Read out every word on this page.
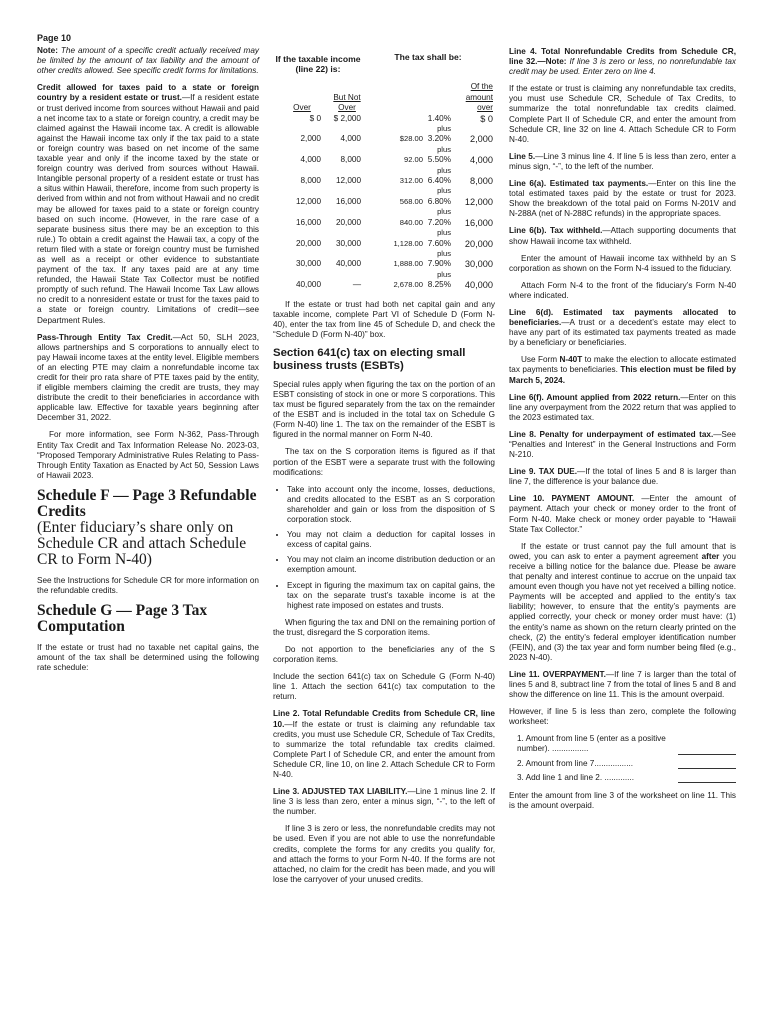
Page 10

Note: The amount of a specific credit actually received may be limited by the amount of tax liability and the amount of other credits allowed. See specific credit forms for limitations.

Credit allowed for taxes paid to a state or foreign country by a resident estate or trust.—If a resident estate or trust derived income from sources without Hawaii and paid a net income tax to a state or foreign country, a credit may be claimed against the Hawaii income tax. A credit is allowable against the Hawaii income tax only if the tax paid to a state or foreign country was based on net income of the same taxable year and only if the income taxed by the state or foreign country was derived from sources without Hawaii. Intangible personal property of a resident estate or trust has a situs within Hawaii, therefore, income from such property is derived from within and not from without Hawaii and no credit may be allowed for taxes paid to a state or foreign country based on such income. (However, in the rare case of a separate business situs there may be an exception to this rule.) To obtain a credit against the Hawaii tax, a copy of the return filed with a state or foreign country must be furnished as well as a receipt or other evidence to substantiate payment of the tax. If any taxes paid are at any time refunded, the Hawaii State Tax Collector must be notified promptly of such refund. The Hawaii Income Tax Law allows no credit to a nonresident estate or trust for the taxes paid to a state or foreign country. Limitations of credit—see Department Rules.

Pass-Through Entity Tax Credit.—Act 50, SLH 2023, allows partnerships and S corporations to annually elect to pay Hawaii income taxes at the entity level. Eligible members of an electing PTE may claim a nonrefundable income tax credit for their pro rata share of PTE taxes paid by the entity, if eligible members claiming the credit are trusts, they may distribute the credit to their beneficiaries in accordance with applicable law. Effective for taxable years beginning after December 31, 2022.

For more information, see Form N-362, Pass-Through Entity Tax Credit and Tax Information Release No. 2023-03, “Proposed Temporary Administrative Rules Relating to Pass-Through Entity Taxation as Enacted by Act 50, Session Laws of Hawaii 2023.

Schedule F — Page 3 Refundable Credits
(Enter fiduciary’s share only on Schedule CR and attach Schedule CR to Form N-40)

See the Instructions for Schedule CR for more information on the refundable credits.

Schedule G — Page 3 Tax Computation

If the estate or trust had no taxable net capital gains, the amount of the tax shall be determined using the following rate schedule:

If the taxable income (line 22) is:		The tax shall be:		
Over	But Not Over			Of the amount over
$ 0	$ 2,000		1.40%	$ 0
2,000	4,000	$28.00	plus 3.20%	2,000
4,000	8,000	92.00	plus 5.50%	4,000
8,000	12,000	312.00	plus 6.40%	8,000
12,000	16,000	568.00	plus 6.80%	12,000
16,000	20,000	840.00	plus 7.20%	16,000
20,000	30,000	1,128.00	plus 7.60%	20,000
30,000	40,000	1,888.00	plus 7.90%	30,000
40,000	—	2,678.00	plus 8.25%	40,000

If the estate or trust had both net capital gain and any taxable income, complete Part VI of Schedule D (Form N-40), enter the tax from line 45 of Schedule D, and check the “Schedule D (Form N-40)” box.

Section 641(c) tax on electing small business trusts (ESBTs)

Special rules apply when figuring the tax on the portion of an ESBT consisting of stock in one or more S corporations. This tax must be figured separately from the tax on the remainder of the ESBT and is included in the total tax on Schedule G (Form N-40) line 1. The tax on the remainder of the ESBT is figured in the normal manner on Form N-40.

The tax on the S corporation items is figured as if that portion of the ESBT were a separate trust with the following modifications:

• Take into account only the income, losses, deductions, and credits allocated to the ESBT as an S corporation shareholder and gain or loss from the disposition of S corporation stock.
• You may not claim a deduction for capital losses in excess of capital gains.
• You may not claim an income distribution deduction or an exemption amount.
• Except in figuring the maximum tax on capital gains, the tax on the separate trust’s taxable income is at the highest rate imposed on estates and trusts.

When figuring the tax and DNI on the remaining portion of the trust, disregard the S corporation items.

Do not apportion to the beneficiaries any of the S corporation items.

Include the section 641(c) tax on Schedule G (Form N-40) line 1. Attach the section 641(c) tax computation to the return.

Line 2. Total Refundable Credits from Schedule CR, line 10.—If the estate or trust is claiming any refundable tax credits, you must use Schedule CR, Schedule of Tax Credits, to summarize the total refundable tax credits claimed. Complete Part I of Schedule CR, and enter the amount from Schedule CR, line 10, on line 2. Attach Schedule CR to Form N-40.

Line 3. ADJUSTED TAX LIABILITY.—Line 1 minus line 2. If line 3 is less than zero, enter a minus sign, “-”, to the left of the number.

If line 3 is zero or less, the nonrefundable credits may not be used. Even if you are not able to use the nonrefundable credits, complete the forms for any credits you qualify for, and attach the forms to your Form N-40. If the forms are not attached, no claim for the credit has been made, and you will lose the carryover of your unused credits.

Line 4. Total Nonrefundable Credits from Schedule CR, line 32.—Note: If line 3 is zero or less, no nonrefundable tax credit may be used. Enter zero on line 4.

If the estate or trust is claiming any nonrefundable tax credits, you must use Schedule CR, Schedule of Tax Credits, to summarize the total nonrefundable tax credits claimed. Complete Part II of Schedule CR, and enter the amount from Schedule CR, line 32 on line 4. Attach Schedule CR to Form N-40.

Line 5.—Line 3 minus line 4. If line 5 is less than zero, enter a minus sign, “-”, to the left of the number.

Line 6(a). Estimated tax payments.—Enter on this line the total estimated taxes paid by the estate or trust for 2023. Show the breakdown of the total paid on Forms N-201V and N-288A (net of N-288C refunds) in the appropriate spaces.

Line 6(b). Tax withheld.—Attach supporting documents that show Hawaii income tax withheld.

Enter the amount of Hawaii income tax withheld by an S corporation as shown on the Form N-4 issued to the fiduciary.

Attach Form N-4 to the front of the fiduciary’s Form N-40 where indicated.

Line 6(d). Estimated tax payments allocated to beneficiaries.—A trust or a decedent’s estate may elect to have any part of its estimated tax payments treated as made by a beneficiary or beneficiaries.

Use Form N-40T to make the election to allocate estimated tax payments to beneficiaries. This election must be filed by March 5, 2024.

Line 6(f). Amount applied from 2022 return.—Enter on this line any overpayment from the 2022 return that was applied to the 2023 estimated tax.

Line 8. Penalty for underpayment of estimated tax.—See “Penalties and Interest” in the General Instructions and Form N-210.

Line 9. TAX DUE.—If the total of lines 5 and 8 is larger than line 7, the difference is your balance due.

Line 10. PAYMENT AMOUNT. —Enter the amount of payment. Attach your check or money order to the front of Form N-40. Make check or money order payable to “Hawaii State Tax Collector.”

If the estate or trust cannot pay the full amount that is owed, you can ask to enter a payment agreement after you receive a billing notice for the balance due. Please be aware that penalty and interest continue to accrue on the unpaid tax amount even though you have not yet received a billing notice. Payments will be accepted and applied to the entity’s tax liability; however, to ensure that the entity’s payments are applied correctly, your check or money order must have: (1) the entity’s name as shown on the return clearly printed on the check, (2) the entity’s federal employer identification number (FEIN), and (3) the tax year and form number being filed (e.g., 2023 N-40).

Line 11. OVERPAYMENT.—If line 7 is larger than the total of lines 5 and 8, subtract line 7 from the total of lines 5 and 8 and show the difference on line 11. This is the amount overpaid.

However, if line 5 is less than zero, complete the following worksheet:

1. Amount from line 5 (enter as a positive number). ................
2. Amount from line 7.................
3. Add line 1 and line 2. .............

Enter the amount from line 3 of the worksheet on line 11. This is the amount overpaid.
